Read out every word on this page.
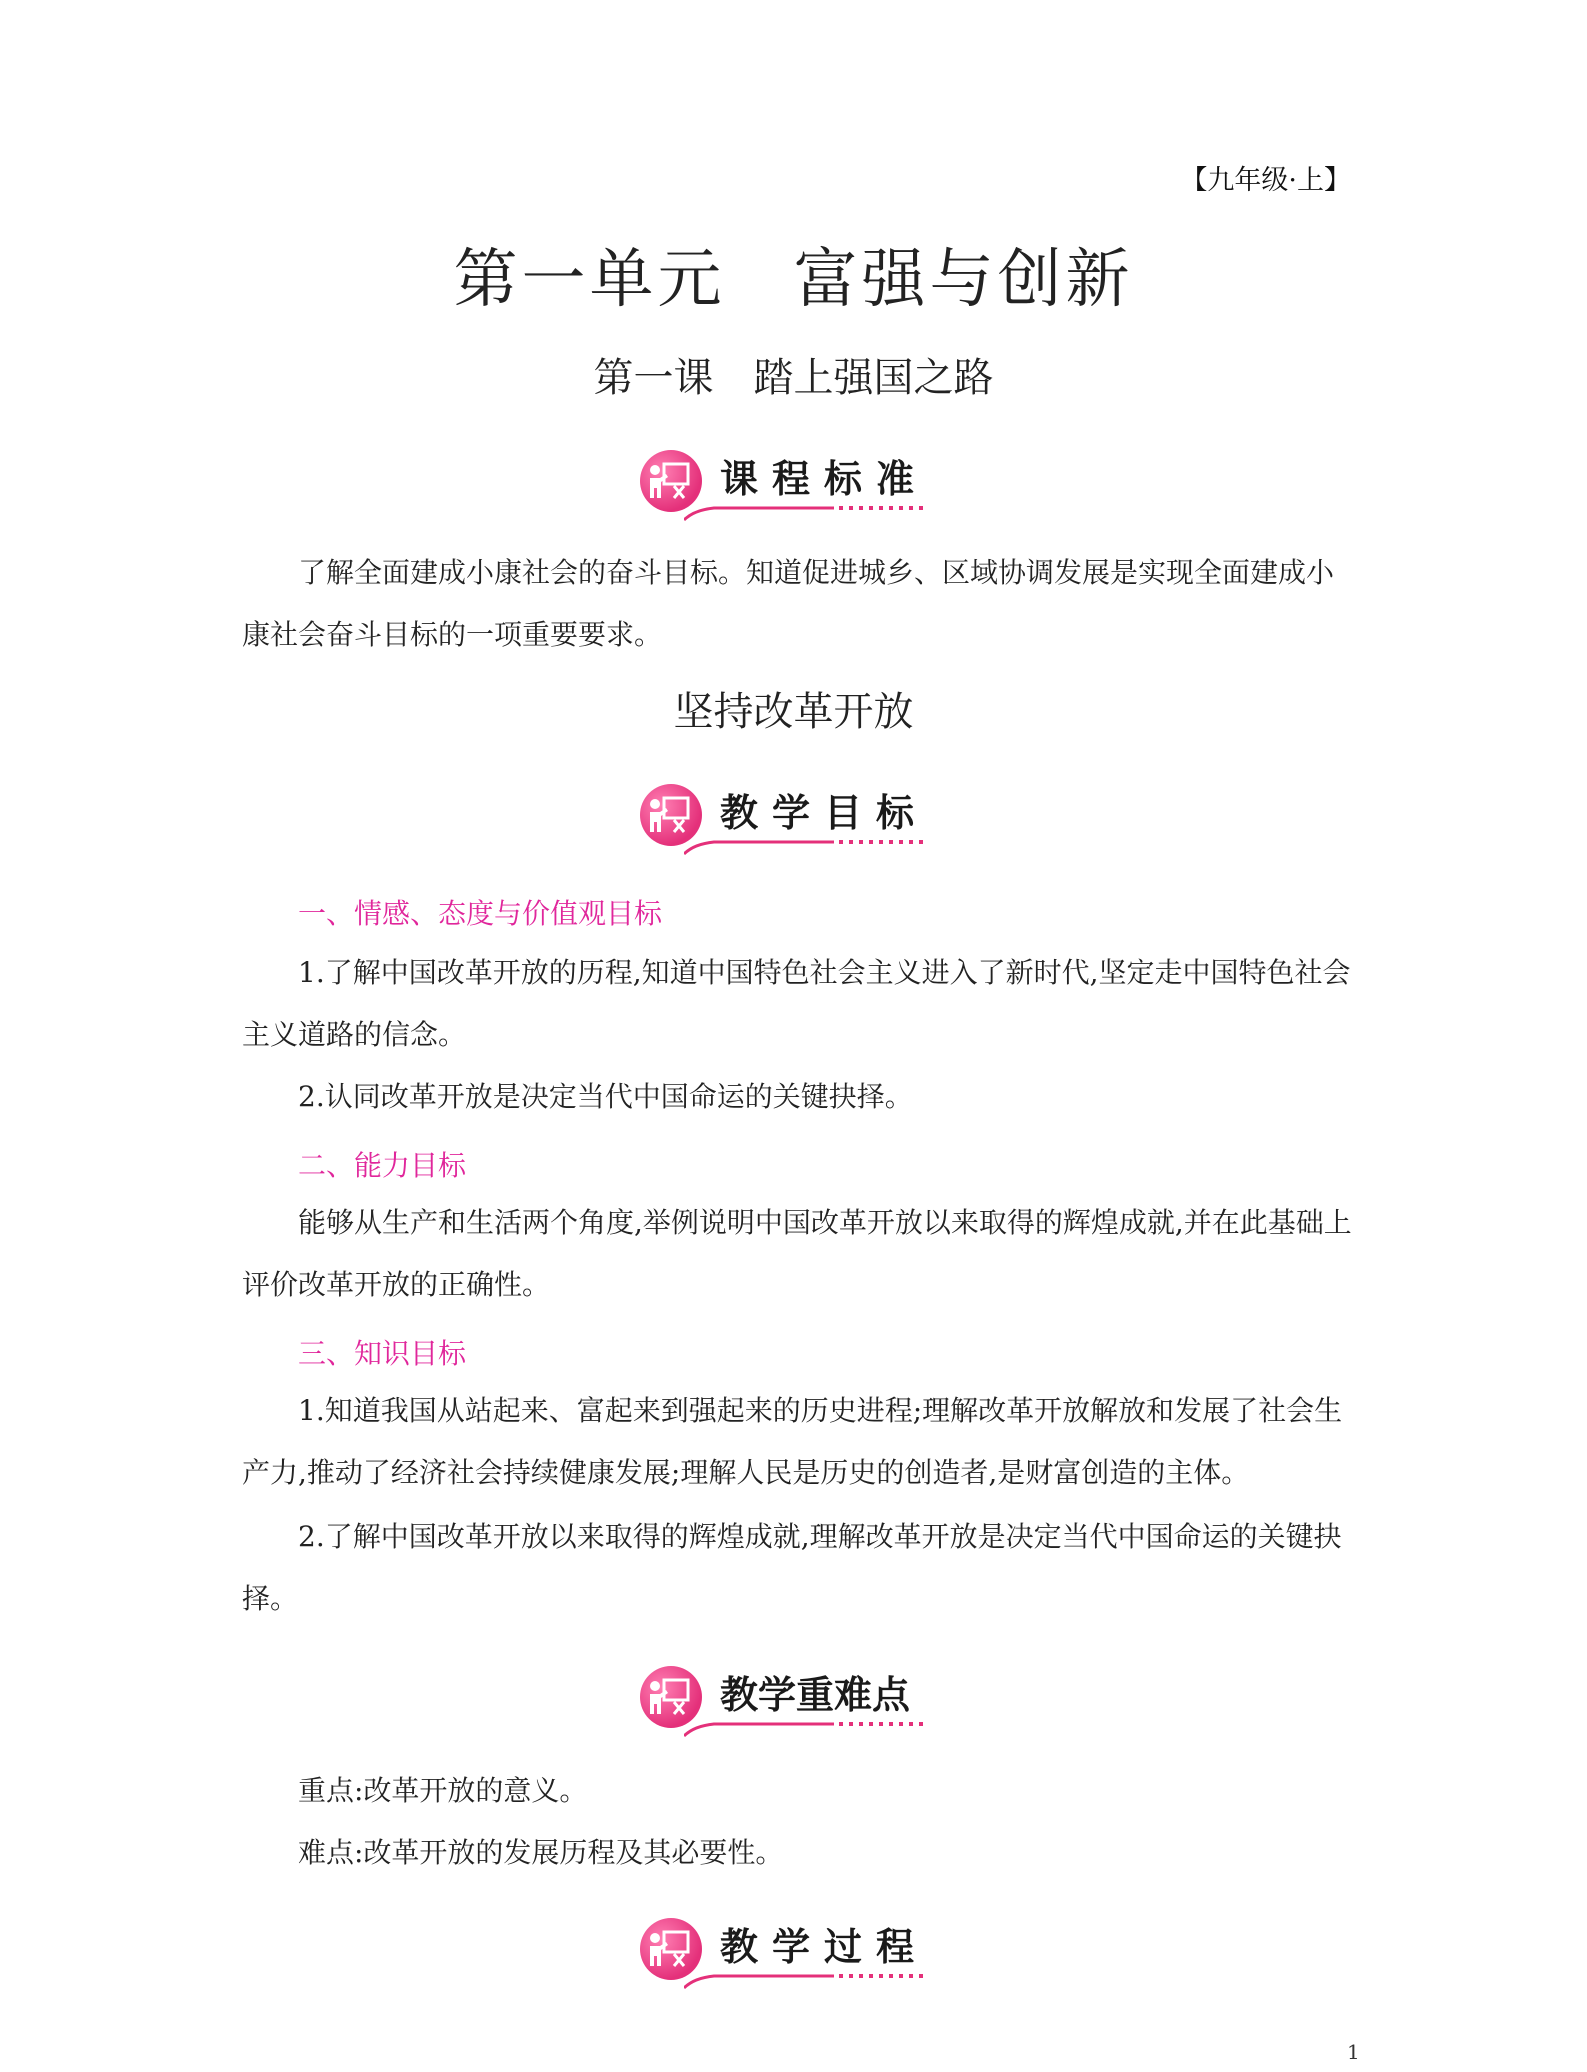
【九年级·上】
第一单元　富强与创新
第一课　踏上强国之路
课程标准

了解全面建成小康社会的奋斗目标。知道促进城乡、区域协调发展是实现全面建成小康社会奋斗目标的一项重要要求。

坚持改革开放
教学目标

一、情感、态度与价值观目标

1.了解中国改革开放的历程,知道中国特色社会主义进入了新时代,坚定走中国特色社会主义道路的信念。

2.认同改革开放是决定当代中国命运的关键抉择。

二、能力目标

能够从生产和生活两个角度,举例说明中国改革开放以来取得的辉煌成就,并在此基础上评价改革开放的正确性。

三、知识目标

1.知道我国从站起来、富起来到强起来的历史进程;理解改革开放解放和发展了社会生产力,推动了经济社会持续健康发展;理解人民是历史的创造者,是财富创造的主体。

2.了解中国改革开放以来取得的辉煌成就,理解改革开放是决定当代中国命运的关键抉择。

教学重难点

重点:改革开放的意义。

难点:改革开放的发展历程及其必要性。

教学过程
1
